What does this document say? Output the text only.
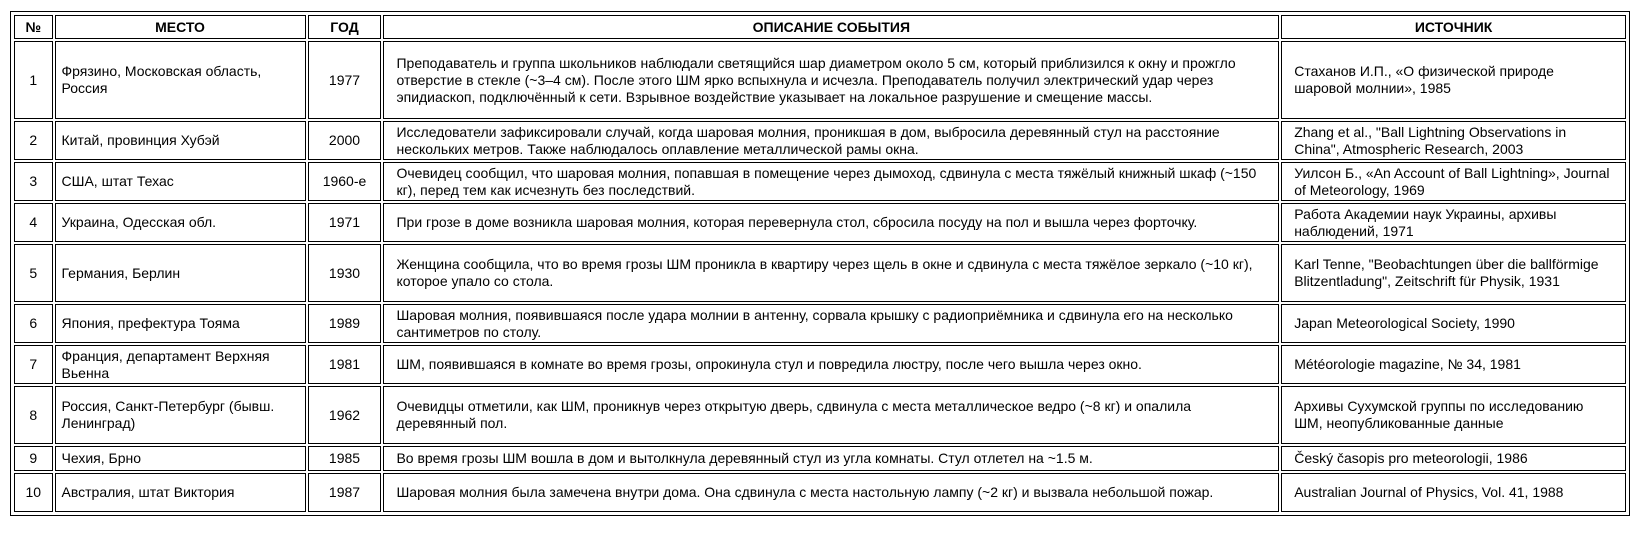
№	МЕСТО	ГОД	ОПИСАНИЕ СОБЫТИЯ	ИСТОЧНИК
1	Фрязино, Московская область, Россия	1977	Преподаватель и группа школьников наблюдали светящийся шар диаметром около 5 см, который приблизился к окну и прожгло отверстие в стекле (~3–4 см). После этого ШМ ярко вспыхнула и исчезла. Преподаватель получил электрический удар через эпидиаскоп, подключённый к сети. Взрывное воздействие указывает на локальное разрушение и смещение массы.	Стаханов И.П., «О физической природе шаровой молнии», 1985
2	Китай, провинция Хубэй	2000	Исследователи зафиксировали случай, когда шаровая молния, проникшая в дом, выбросила деревянный стул на расстояние нескольких метров. Также наблюдалось оплавление металлической рамы окна.	Zhang et al., "Ball Lightning Observations in China", Atmospheric Research, 2003
3	США, штат Техас	1960-е	Очевидец сообщил, что шаровая молния, попавшая в помещение через дымоход, сдвинула с места тяжёлый книжный шкаф (~150 кг), перед тем как исчезнуть без последствий.	Уилсон Б., «An Account of Ball Lightning», Journal of Meteorology, 1969
4	Украина, Одесская обл.	1971	При грозе в доме возникла шаровая молния, которая перевернула стол, сбросила посуду на пол и вышла через форточку.	Работа Академии наук Украины, архивы наблюдений, 1971
5	Германия, Берлин	1930	Женщина сообщила, что во время грозы ШМ проникла в квартиру через щель в окне и сдвинула с места тяжёлое зеркало (~10 кг), которое упало со стола.	Karl Tenne, "Beobachtungen über die ballförmige Blitzentladung", Zeitschrift für Physik, 1931
6	Япония, префектура Тояма	1989	Шаровая молния, появившаяся после удара молнии в антенну, сорвала крышку с радиоприёмника и сдвинула его на несколько сантиметров по столу.	Japan Meteorological Society, 1990
7	Франция, департамент Верхняя Вьенна	1981	ШМ, появившаяся в комнате во время грозы, опрокинула стул и повредила люстру, после чего вышла через окно.	Météorologie magazine, № 34, 1981
8	Россия, Санкт-Петербург (бывш. Ленинград)	1962	Очевидцы отметили, как ШМ, проникнув через открытую дверь, сдвинула с места металлическое ведро (~8 кг) и опалила деревянный пол.	Архивы Сухумской группы по исследованию ШМ, неопубликованные данные
9	Чехия, Брно	1985	Во время грозы ШМ вошла в дом и вытолкнула деревянный стул из угла комнаты. Стул отлетел на ~1.5 м.	Český časopis pro meteorologii, 1986
10	Австралия, штат Виктория	1987	Шаровая молния была замечена внутри дома. Она сдвинула с места настольную лампу (~2 кг) и вызвала небольшой пожар.	Australian Journal of Physics, Vol. 41, 1988
